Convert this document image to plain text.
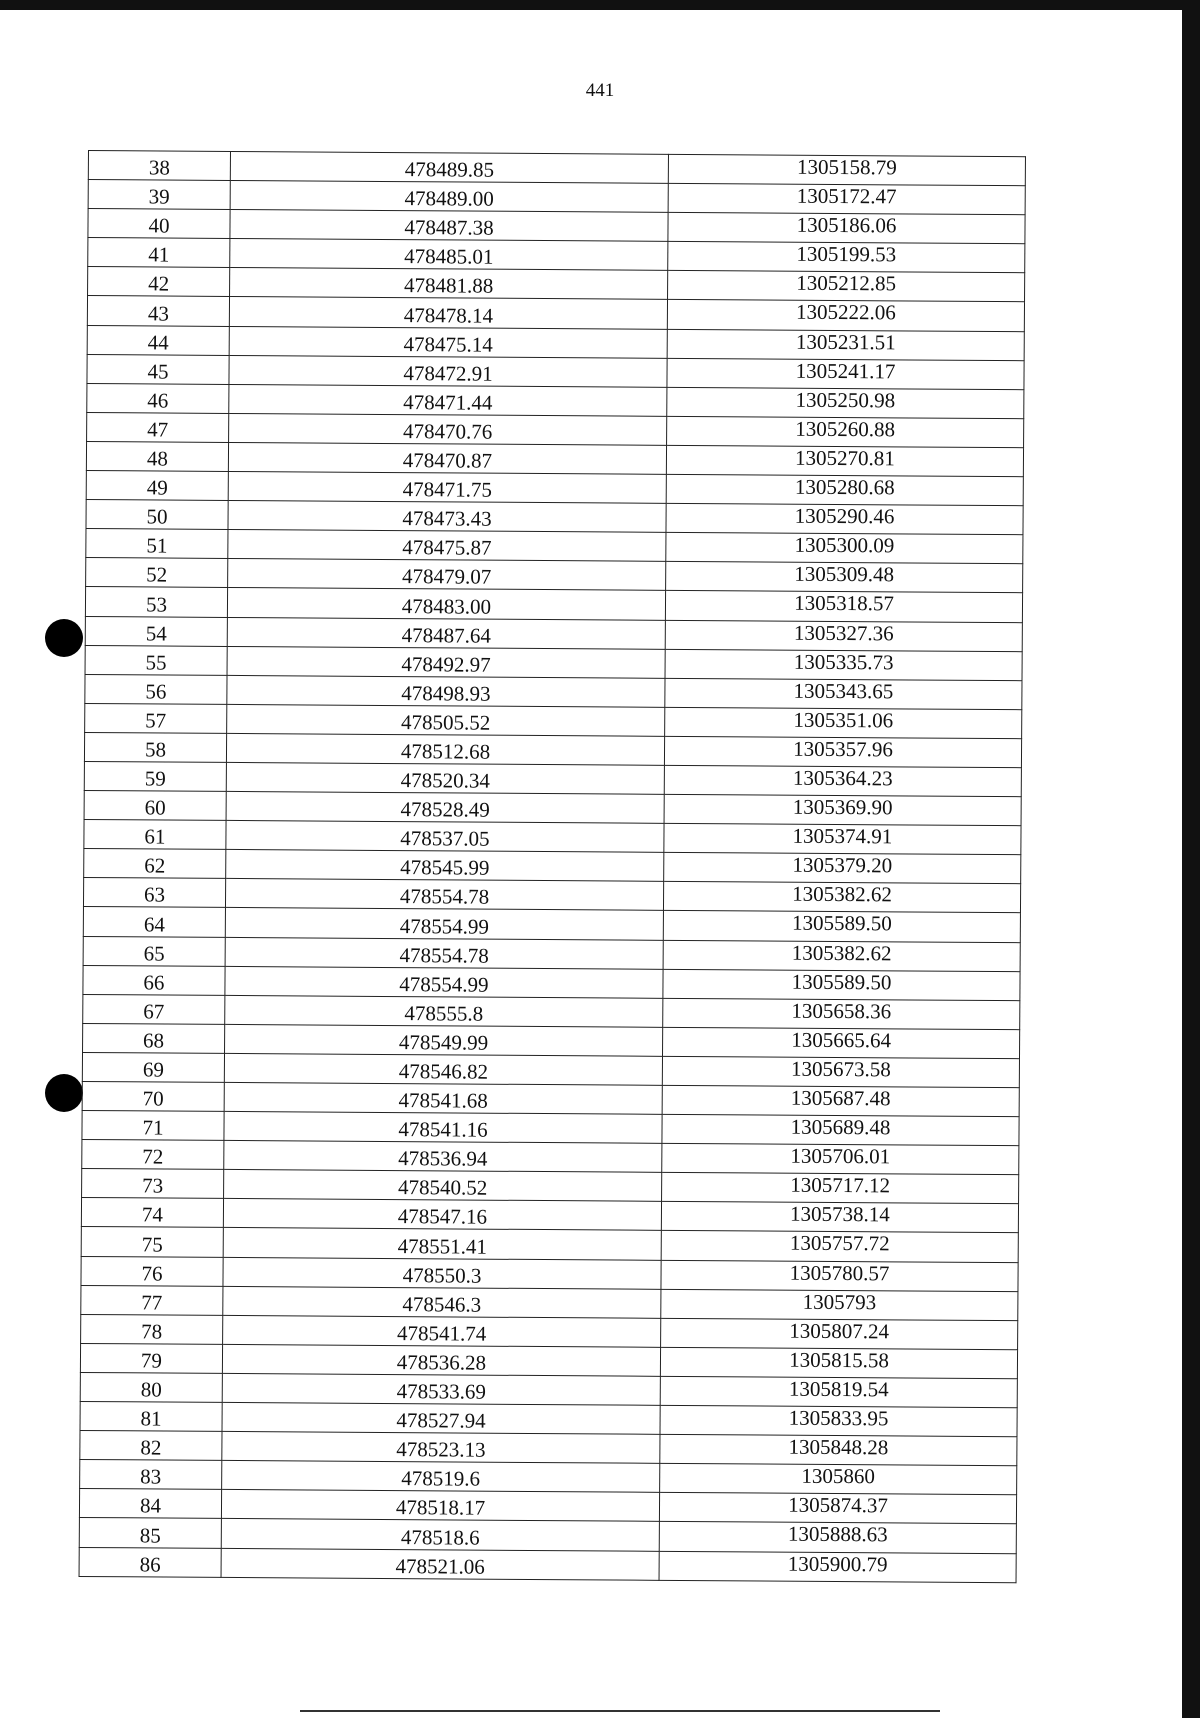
441
38	478489.85	1305158.79
39	478489.00	1305172.47
40	478487.38	1305186.06
41	478485.01	1305199.53
42	478481.88	1305212.85
43	478478.14	1305222.06
44	478475.14	1305231.51
45	478472.91	1305241.17
46	478471.44	1305250.98
47	478470.76	1305260.88
48	478470.87	1305270.81
49	478471.75	1305280.68
50	478473.43	1305290.46
51	478475.87	1305300.09
52	478479.07	1305309.48
53	478483.00	1305318.57
54	478487.64	1305327.36
55	478492.97	1305335.73
56	478498.93	1305343.65
57	478505.52	1305351.06
58	478512.68	1305357.96
59	478520.34	1305364.23
60	478528.49	1305369.90
61	478537.05	1305374.91
62	478545.99	1305379.20
63	478554.78	1305382.62
64	478554.99	1305589.50
65	478554.78	1305382.62
66	478554.99	1305589.50
67	478555.8	1305658.36
68	478549.99	1305665.64
69	478546.82	1305673.58
70	478541.68	1305687.48
71	478541.16	1305689.48
72	478536.94	1305706.01
73	478540.52	1305717.12
74	478547.16	1305738.14
75	478551.41	1305757.72
76	478550.3	1305780.57
77	478546.3	1305793
78	478541.74	1305807.24
79	478536.28	1305815.58
80	478533.69	1305819.54
81	478527.94	1305833.95
82	478523.13	1305848.28
83	478519.6	1305860
84	478518.17	1305874.37
85	478518.6	1305888.63
86	478521.06	1305900.79
